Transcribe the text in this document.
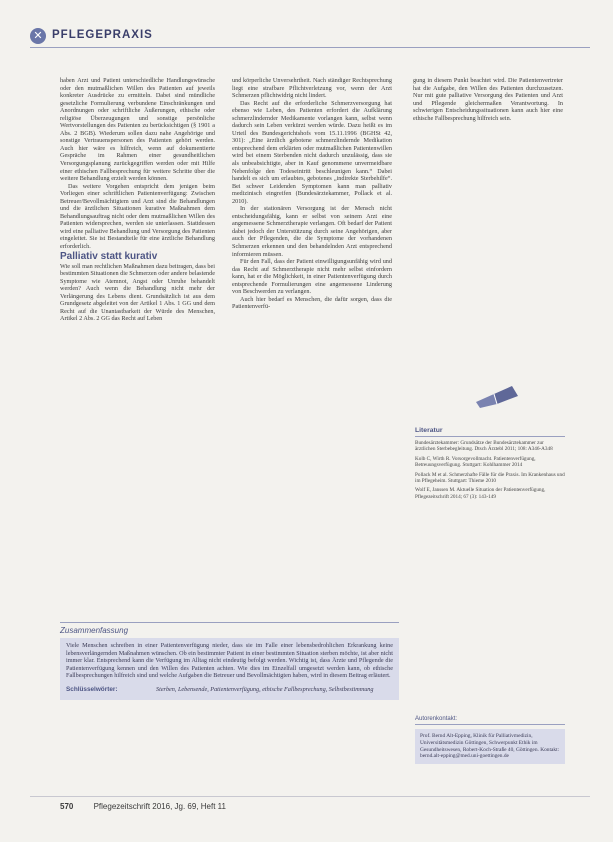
✕ PFLEGEPRAXIS

haben Arzt und Patient unterschiedliche Handlungswünsche oder den mutmaßlichen Willen des Patienten auf jeweils konkreter Ausdrücke zu ermitteln. Dabei sind mündliche gesetzliche Formulierung verbundene Einschränkungen und Anordnungen oder schriftliche Äußerungen, ethische oder religiöse Überzeugungen und sonstige persönliche Wertvorstellungen des Patienten zu berücksichtigen (§ 1901 a Abs. 2 BGB). Wiederum sollen dazu nahe Angehörige und sonstige Vertrauenspersonen des Patienten gehört werden. Auch hier wäre es hilfreich, wenn auf dokumentierte Gespräche im Rahmen einer gesundheitlichen Versorgungsplanung zurückgegriffen werden oder mit Hilfe einer ethischen Fallbesprechung für weitere Schritte über die weitere Behandlung erzielt werden können.

Das weitere Vorgehen entspricht dem jenigen beim Vorliegen einer schriftlichen Patientenverfügung: Zwischen Betreuer/Bevollmächtigtem und Arzt sind die Behandlungen und die ärztlichen Situationen kurative Maßnahmen dem Behandlungsauftrag nicht oder dem mutmaßlichen Willen des Patienten widersprechen, werden sie unterlassen. Stattdessen wird eine palliative Behandlung und Versorgung des Patienten eingeleitet. Sie ist Bestandteile für eine ärztliche Behandlung erforderlich.

Palliativ statt kurativ

Wie soll man rechtlichen Maßnahmen dazu beitragen, dass bei bestimmten Situationen die Schmerzen oder andere belastende Symptome wie Atemnot, Angst oder Unruhe behandelt werden? Auch wenn die Behandlung nicht mehr der Verlängerung des Lebens dient. Grundsätzlich ist aus dem Grundgesetz abgeleitet von der Artikel 1 Abs. 1 GG und dem Recht auf die Unantastbarkeit der Würde des Menschen, Artikel 2 Abs. 2 GG das Recht auf Leben

und körperliche Unversehrtheit. Nach ständiger Rechtsprechung liegt eine strafbare Pflichtverletzung vor, wenn der Arzt Schmerzen pflichtwidrig nicht lindert.

Das Recht auf die erforderliche Schmerzversorgung hat ebenso wie Leben, des Patienten erfordert die Aufklärung schmerzlindernder Medikamente vorlangen kann, selbst wenn dadurch sein Leben verkürzt werden würde. Dazu heißt es im Urteil des Bundesgerichtshofs vom 15.11.1996 (BGHSt 42, 301): „Eine ärztlich gebotene schmerzlindernde Medikation entsprechend dem erklärten oder mutmaßlichen Patientenwillen wird bei einem Sterbenden nicht dadurch unzulässig, dass sie als unbeabsichtigte, aber in Kauf genommene unvermeidbare Nebenfolge den Todeseintritt beschleunigen kann.“ Dabei handelt es sich um erlaubtes, gebotenes „indirekte Sterbehilfe“. Bei schwer Leidenden Symptomen kann man palliativ medizinisch eingreifen (Bundesärztekammer, Pollack et al. 2010).

In der stationären Versorgung ist der Mensch nicht entscheidungsfähig, kann er selbst von seinem Arzt eine angemessene Schmerztherapie verlangen. Oft bedarf der Patient dabei jedoch der Unterstützung durch seine Angehörigen, aber auch der Pflegenden, die die Symptome der vorhandenen Schmerzen erkennen und den behandelnden Arzt entsprechend informieren müssen.

Für den Fall, dass der Patient einwilligungsunfähig wird und das Recht auf Schmerztherapie nicht mehr selbst einfordern kann, hat er die Möglichkeit, in einer Patientenverfügung durch entsprechende Formulierungen eine angemessene Linderung von Beschwerden zu verlangen.

Auch hier bedarf es Menschen, die dafür sorgen, dass die Patientenverfü-

gung in diesem Punkt beachtet wird. Die Patientenvertreter hat die Aufgabe, den Willen des Patienten durchzusetzen. Nur mit gute palliative Versorgung des Patienten und Arzt und Pflegende gleichermaßen Verantwortung. In schwierigen Entscheidungssituationen kann auch hier eine ethische Fallbesprechung hilfreich sein.

Literatur
Bundesärztekammer: Grundsätze der Bundesärztekammer zur ärztlichen Sterbebegleitung. Dtsch Ärztebl 2011; 108: A346-A348
Kolb C, Wirth R. Vorsorgevollmacht. Patientenverfügung, Betreuungsverfügung. Stuttgart: Kohlhammer 2014
Pollack M et al. Schmerzhafte Fälle für die Praxis. Im Krankenhaus und im Pflegeheim. Stuttgart: Thieme 2010
Wolf E, Janssen M. Aktuelle Situation der Patientenverfügung, Pflegezeitschrift 2014; 67 (3): 143-149
Zusammenfassung
Viele Menschen schreiben in einer Patientenverfügung nieder, dass sie im Falle einer lebensbedrohlichen Erkrankung keine lebensverlängernden Maßnahmen wünschen. Ob ein bestimmter Patient in einer bestimmten Situation sterben möchte, ist aber nicht immer klar. Entsprechend kann die Verfügung im Alltag nicht eindeutig befolgt werden. Wichtig ist, dass Ärzte und Pflegende die Patientenverfügung kennen und den Willen des Patienten achten. Wie dies im Einzelfall umgesetzt werden kann, ob ethische Fallbesprechungen hilfreich sind und welche Aufgaben die Betreuer und Bevollmächtigten haben, wird in diesem Beitrag erläutert.
Schlüsselwörter:	Sterben, Lebensende, Patientenverfügung, ethische Fallbesprechung, Selbstbestimmung
Autorenkontakt:
Prof. Bernd Alt-Epping, Klinik für Palliativmedizin, Universitätsmedizin Göttingen, Schwerpunkt Ethik im Gesundheitswesen, Robert-Koch-Straße 40, Göttingen. Kontakt: bernd.alt-epping@med.uni-goettingen.de
570	Pflegezeitschrift 2016, Jg. 69, Heft 11
